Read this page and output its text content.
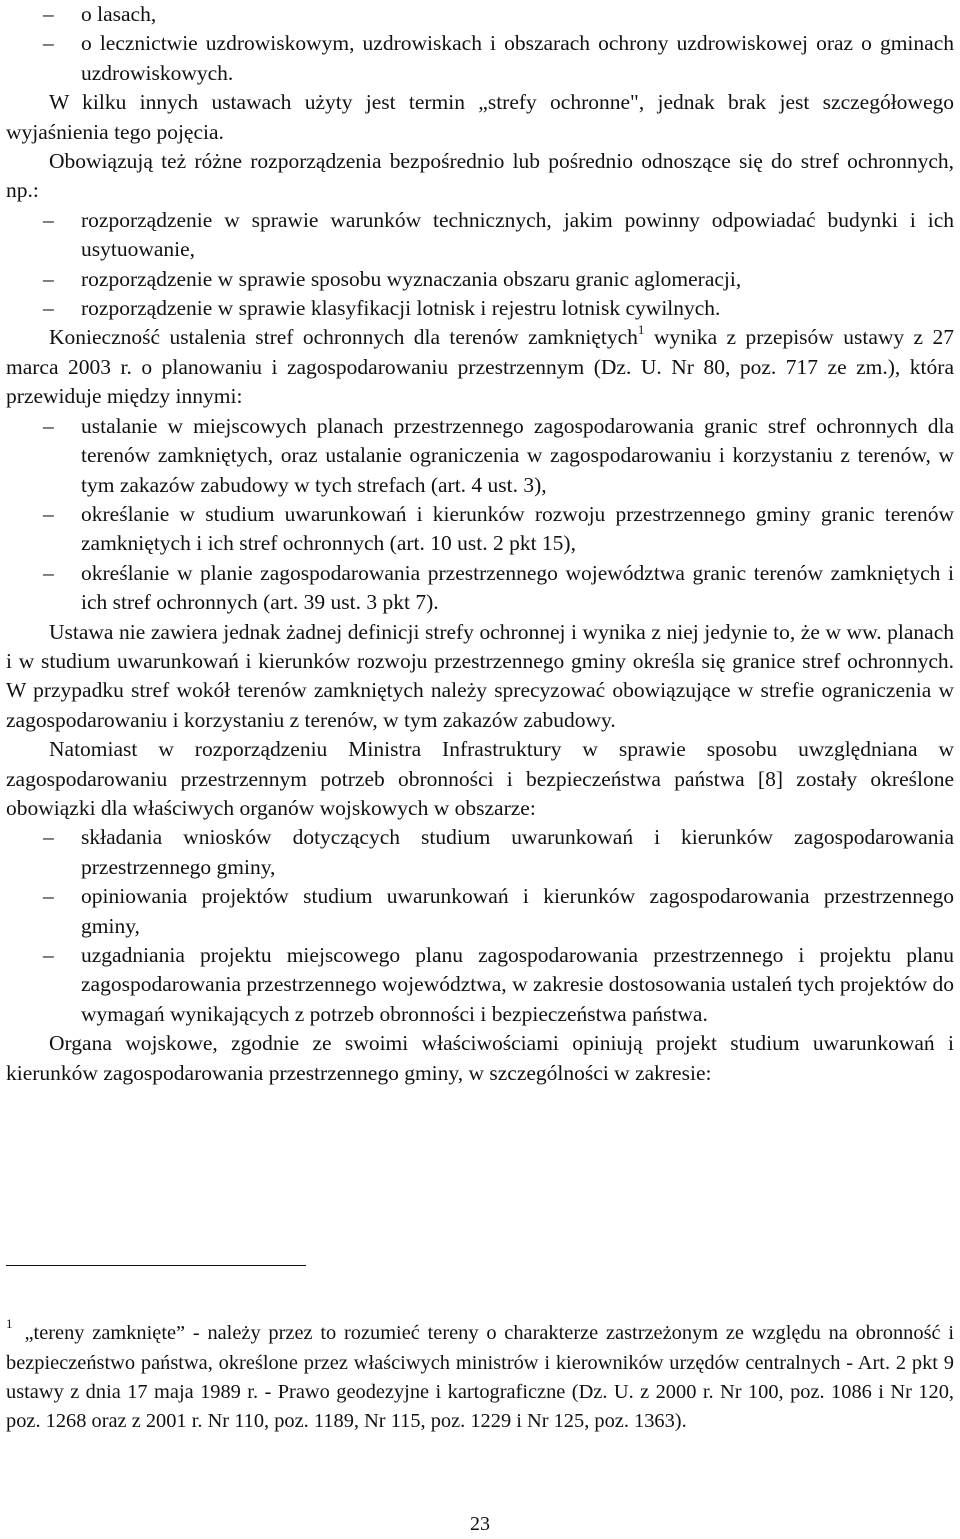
– o lasach,
– o lecznictwie uzdrowiskowym, uzdrowiskach i obszarach ochrony uzdrowiskowej oraz o gminach uzdrowiskowych.

W kilku innych ustawach użyty jest termin „strefy ochronne", jednak brak jest szczegółowego wyjaśnienia tego pojęcia.

Obowiązują też różne rozporządzenia bezpośrednio lub pośrednio odnoszące się do stref ochronnych, np.:

– rozporządzenie w sprawie warunków technicznych, jakim powinny odpowiadać budynki i ich usytuowanie,
– rozporządzenie w sprawie sposobu wyznaczania obszaru granic aglomeracji,
– rozporządzenie w sprawie klasyfikacji lotnisk i rejestru lotnisk cywilnych.

Konieczność ustalenia stref ochronnych dla terenów zamkniętych$^1$ wynika z przepisów ustawy z 27 marca 2003 r. o planowaniu i zagospodarowaniu przestrzennym (Dz. U. Nr 80, poz. 717 ze zm.), która przewiduje między innymi:

– ustalanie w miejscowych planach przestrzennego zagospodarowania granic stref ochronnych dla terenów zamkniętych, oraz ustalanie ograniczenia w zagospodarowaniu i korzystaniu z terenów, w tym zakazów zabudowy w tych strefach (art. 4 ust. 3),
– określanie w studium uwarunkowań i kierunków rozwoju przestrzennego gminy granic terenów zamkniętych i ich stref ochronnych (art. 10 ust. 2 pkt 15),
– określanie w planie zagospodarowania przestrzennego województwa granic terenów zamkniętych i ich stref ochronnych (art. 39 ust. 3 pkt 7).

Ustawa nie zawiera jednak żadnej definicji strefy ochronnej i wynika z niej jedynie to, że w ww. planach i w studium uwarunkowań i kierunków rozwoju przestrzennego gminy określa się granice stref ochronnych. W przypadku stref wokół terenów zamkniętych należy sprecyzować obowiązujące w strefie ograniczenia w zagospodarowaniu i korzystaniu z terenów, w tym zakazów zabudowy.

Natomiast w rozporządzeniu Ministra Infrastruktury w sprawie sposobu uwzględniana w zagospodarowaniu przestrzennym potrzeb obronności i bezpieczeństwa państwa [8] zostały określone obowiązki dla właściwych organów wojskowych w obszarze:

– składania wniosków dotyczących studium uwarunkowań i kierunków zagospodarowania przestrzennego gminy,
– opiniowania projektów studium uwarunkowań i kierunków zagospodarowania przestrzennego gminy,
– uzgadniania projektu miejscowego planu zagospodarowania przestrzennego i projektu planu zagospodarowania przestrzennego województwa, w zakresie dostosowania ustaleń tych projektów do wymagań wynikających z potrzeb obronności i bezpieczeństwa państwa.

Organa wojskowe, zgodnie ze swoimi właściwościami opiniują projekt studium uwarunkowań i kierunków zagospodarowania przestrzennego gminy, w szczególności w zakresie:

$^1$ „tereny zamknięte” - należy przez to rozumieć tereny o charakterze zastrzeżonym ze względu na obronność i bezpieczeństwo państwa, określone przez właściwych ministrów i kierowników urzędów centralnych - Art. 2 pkt 9 ustawy z dnia 17 maja 1989 r. - Prawo geodezyjne i kartograficzne (Dz. U. z 2000 r. Nr 100, poz. 1086 i Nr 120, poz. 1268 oraz z 2001 r. Nr 110, poz. 1189, Nr 115, poz. 1229 i Nr 125, poz. 1363).

23
